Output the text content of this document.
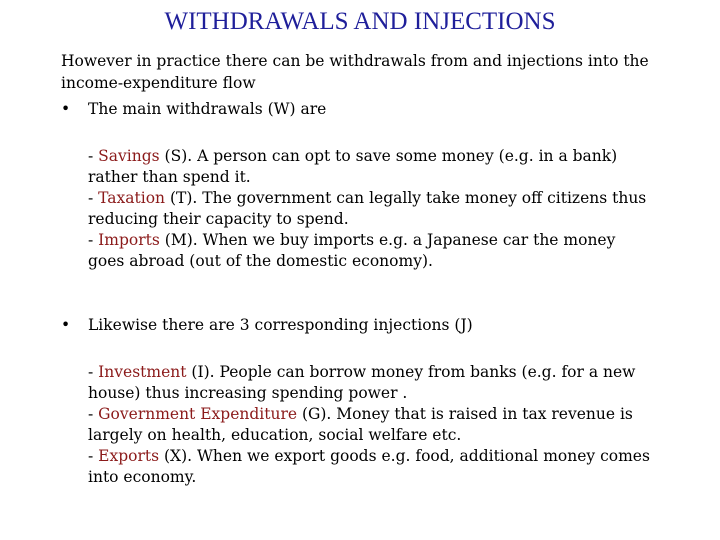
WITHDRAWALS AND INJECTIONS
However in practice there can be withdrawals from and injections into the
income-expenditure flow
• The main withdrawals (W) are
- Savings (S). A person can opt to save some money (e.g. in a bank)
rather than spend it.
- Taxation (T). The government can legally take money off citizens thus
reducing their capacity to spend.
- Imports (M). When we buy imports e.g. a Japanese car the money
goes abroad (out of the domestic economy).
• Likewise there are 3 corresponding injections (J)
- Investment (I). People can borrow money from banks (e.g. for a new
house) thus increasing spending power .
- Government Expenditure (G). Money that is raised in tax revenue is
largely on health, education, social welfare etc.
- Exports (X). When we export goods e.g. food, additional money comes
into economy.
